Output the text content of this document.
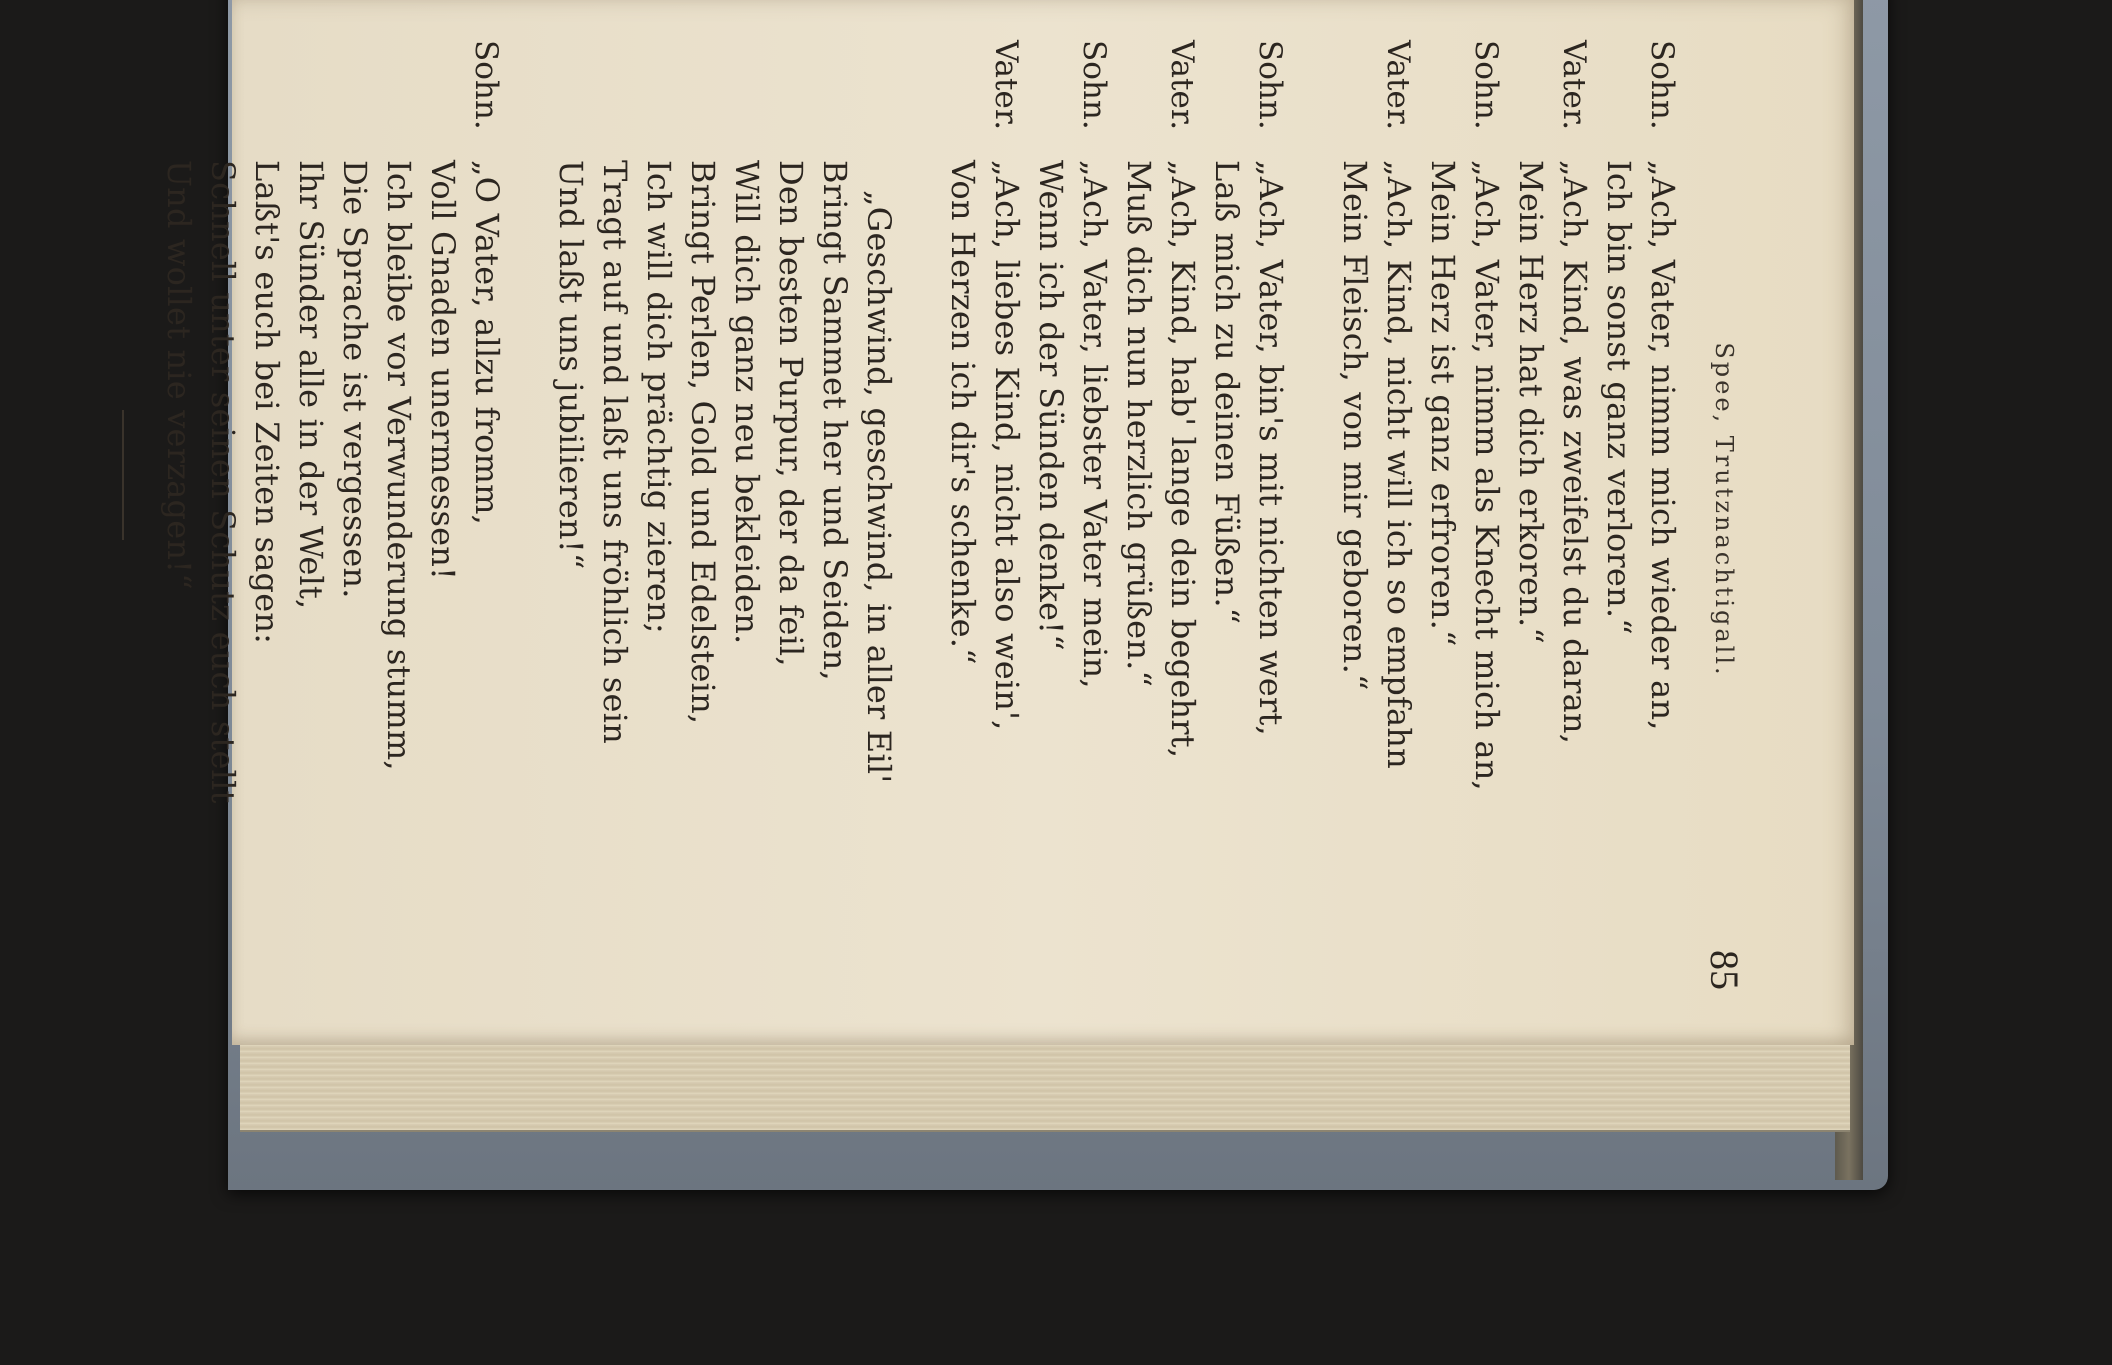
Spee, Trutznachtigall.
85
Sohn.
„Ach, Vater, nimm mich wieder an,
Ich bin sonst ganz verloren.“
Vater.
„Ach, Kind, was zweifelst du daran,
Mein Herz hat dich erkoren.“
Sohn.
„Ach, Vater, nimm als Knecht mich an,
Mein Herz ist ganz erfroren.“
Vater.
„Ach, Kind, nicht will ich so empfahn
Mein Fleisch, von mir geboren.“
Sohn.
„Ach, Vater, bin's mit nichten wert,
Laß mich zu deinen Füßen.“
Vater.
„Ach, Kind, hab' lange dein begehrt,
Muß dich nun herzlich grüßen.“
Sohn.
„Ach, Vater, liebster Vater mein,
Wenn ich der Sünden denke!“
Vater.
„Ach, liebes Kind, nicht also wein',
Von Herzen ich dir's schenke.“
„Geschwind, geschwind, in aller Eil'
Bringt Sammet her und Seiden,
Den besten Purpur, der da feil,
Will dich ganz neu bekleiden.
Bringt Perlen, Gold und Edelstein,
Ich will dich prächtig zieren;
Tragt auf und laßt uns fröhlich sein
Und laßt uns jubilieren!“
Sohn.
„O Vater, allzu fromm,
Voll Gnaden unermessen!
Ich bleibe vor Verwunderung stumm,
Die Sprache ist vergessen.
Ihr Sünder alle in der Welt,
Laßt's euch bei Zeiten sagen:
Schnell unter seinen Schutz euch stellt
Und wollet nie verzagen!“
